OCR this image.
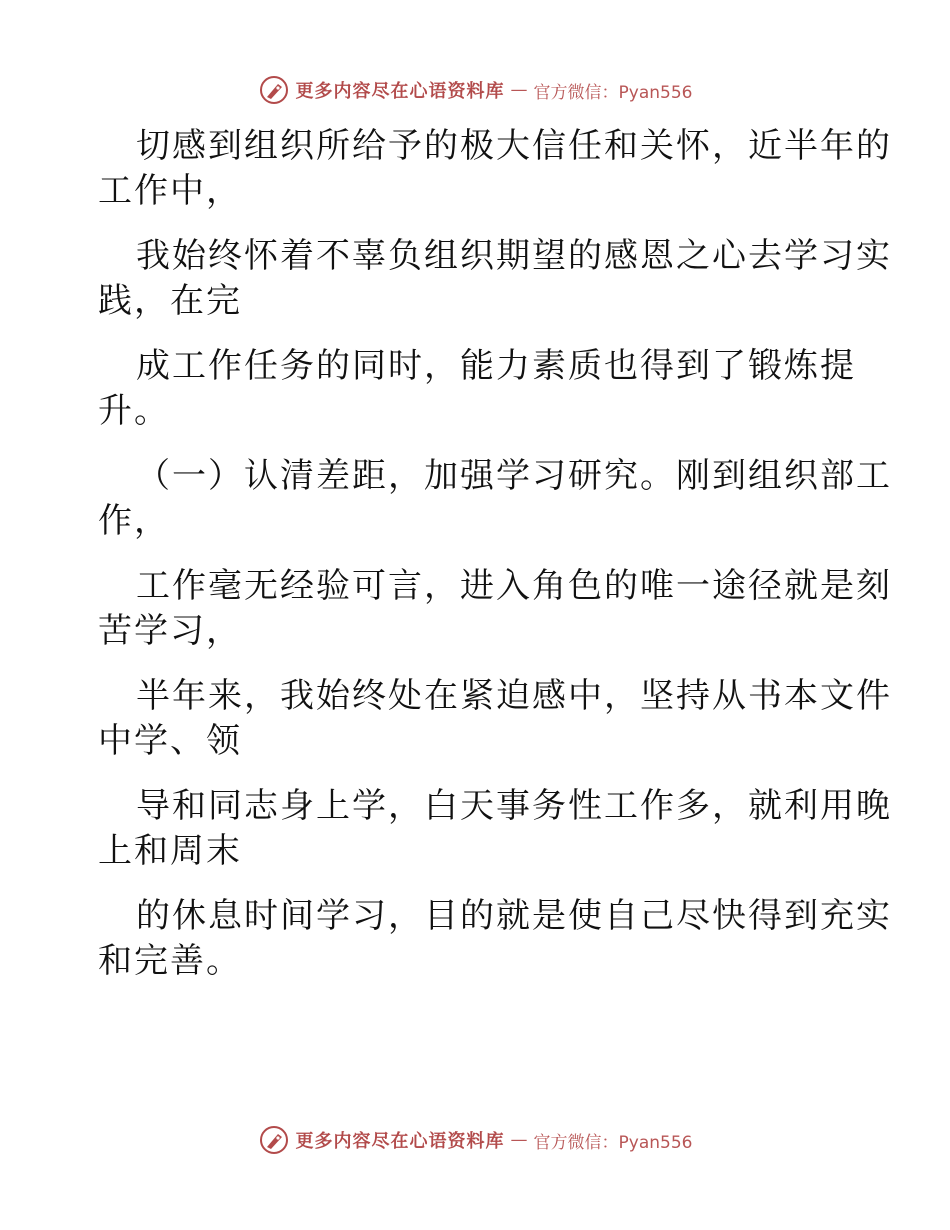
更多内容尽在心语资料库 — 官方微信：Pyan556
切感到组织所给予的极大信任和关怀，近半年的
工作中，
我始终怀着不辜负组织期望的感恩之心去学习实
践，在完
成工作任务的同时，能力素质也得到了锻炼提
升。
（一）认清差距，加强学习研究。刚到组织部工
作，
工作毫无经验可言，进入角色的唯一途径就是刻
苦学习，
半年来，我始终处在紧迫感中，坚持从书本文件
中学、领
导和同志身上学，白天事务性工作多，就利用晚
上和周末
的休息时间学习，目的就是使自己尽快得到充实
和完善。
更多内容尽在心语资料库 — 官方微信：Pyan556
